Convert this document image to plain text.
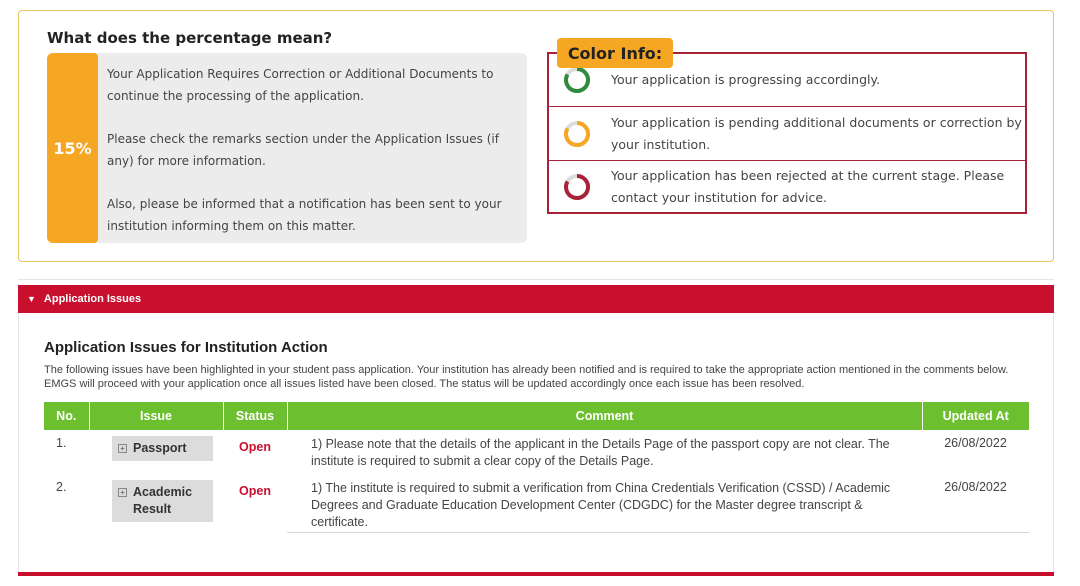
What does the percentage mean?
15%

Your Application Requires Correction or Additional Documents to continue the processing of the application.

Please check the remarks section under the Application Issues (if any) for more information.

Also, please be informed that a notification has been sent to your institution informing them on this matter.

Color Info:
Your application is progressing accordingly.
Your application is pending additional documents or correction by your institution.
Your application has been rejected at the current stage. Please contact your institution for advice.
▼ Application Issues
Application Issues for Institution Action
The following issues have been highlighted in your student pass application. Your institution has already been notified and is required to take the appropriate action mentioned in the comments below. EMGS will proceed with your application once all issues listed have been closed. The status will be updated accordingly once each issue has been resolved.
No.	Issue	Status	Comment	Updated At
1.	+ Passport	Open	1) Please note that the details of the applicant in the Details Page of the passport copy are not clear. The institute is required to submit a clear copy of the Details Page.	26/08/2022
2.	+ Academic Result	Open	1) The institute is required to submit a verification from China Credentials Verification (CSSD) / Academic Degrees and Graduate Education Development Center (CDGDC) for the Master degree transcript & certificate.	26/08/2022
